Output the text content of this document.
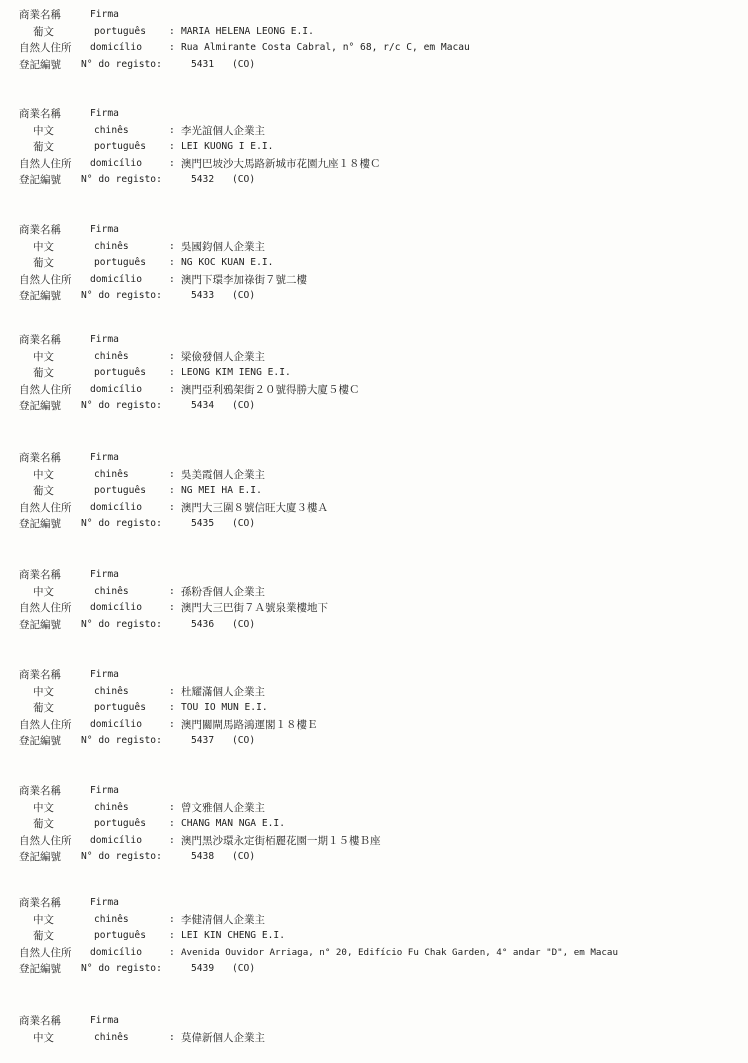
商業名稱	Firma
葡文	português : MARIA HELENA LEONG E.I.
自然人住所 domicílio	: Rua Almirante Costa Cabral, n° 68, r/c C, em Macau
登記編號 N° do registo:	5431 (CO)
商業名稱	Firma
中文	chinês	: 李光誼個人企業主
葡文	português : LEI KUONG I E.I.
自然人住所 domicílio	: 澳門巴坡沙大馬路新城市花園九座１８樓Ｃ
登記編號 N° do registo:	5432 (CO)
商業名稱	Firma
中文	chinês	: 吳國鈞個人企業主
葡文	português : NG KOC KUAN E.I.
自然人住所 domicílio	: 澳門下環李加祿街７號二樓
登記編號 N° do registo:	5433 (CO)
商業名稱	Firma
中文	chinês	: 梁儉發個人企業主
葡文	português : LEONG KIM IENG E.I.
自然人住所 domicílio	: 澳門亞利鴉架街２０號得勝大廈５樓Ｃ
登記編號 N° do registo:	5434 (CO)
商業名稱	Firma
中文	chinês	: 吳美霞個人企業主
葡文	português : NG MEI HA E.I.
自然人住所 domicílio	: 澳門大三圍８號信旺大廈３樓Ａ
登記編號 N° do registo:	5435 (CO)
商業名稱	Firma
中文	chinês	: 孫粉香個人企業主
自然人住所 domicílio	: 澳門大三巴街７Ａ號泉業樓地下
登記編號 N° do registo:	5436 (CO)
商業名稱	Firma
中文	chinês	: 杜耀滿個人企業主
葡文	português : TOU IO MUN E.I.
自然人住所 domicílio	: 澳門關閘馬路鴻運閣１８樓Ｅ
登記編號 N° do registo:	5437 (CO)
商業名稱	Firma
中文	chinês	: 曾文雅個人企業主
葡文	português : CHANG MAN NGA E.I.
自然人住所 domicílio	: 澳門黑沙環永定街栢麗花園一期１５樓Ｂ座
登記編號 N° do registo:	5438 (CO)
商業名稱	Firma
中文	chinês	: 李健清個人企業主
葡文	português : LEI KIN CHENG E.I.
自然人住所 domicílio	: Avenida Ouvidor Arriaga, n° 20, Edifício Fu Chak Garden, 4° andar "D", em Macau
登記編號 N° do registo:	5439 (CO)
商業名稱	Firma
中文	chinês	: 莫偉新個人企業主
